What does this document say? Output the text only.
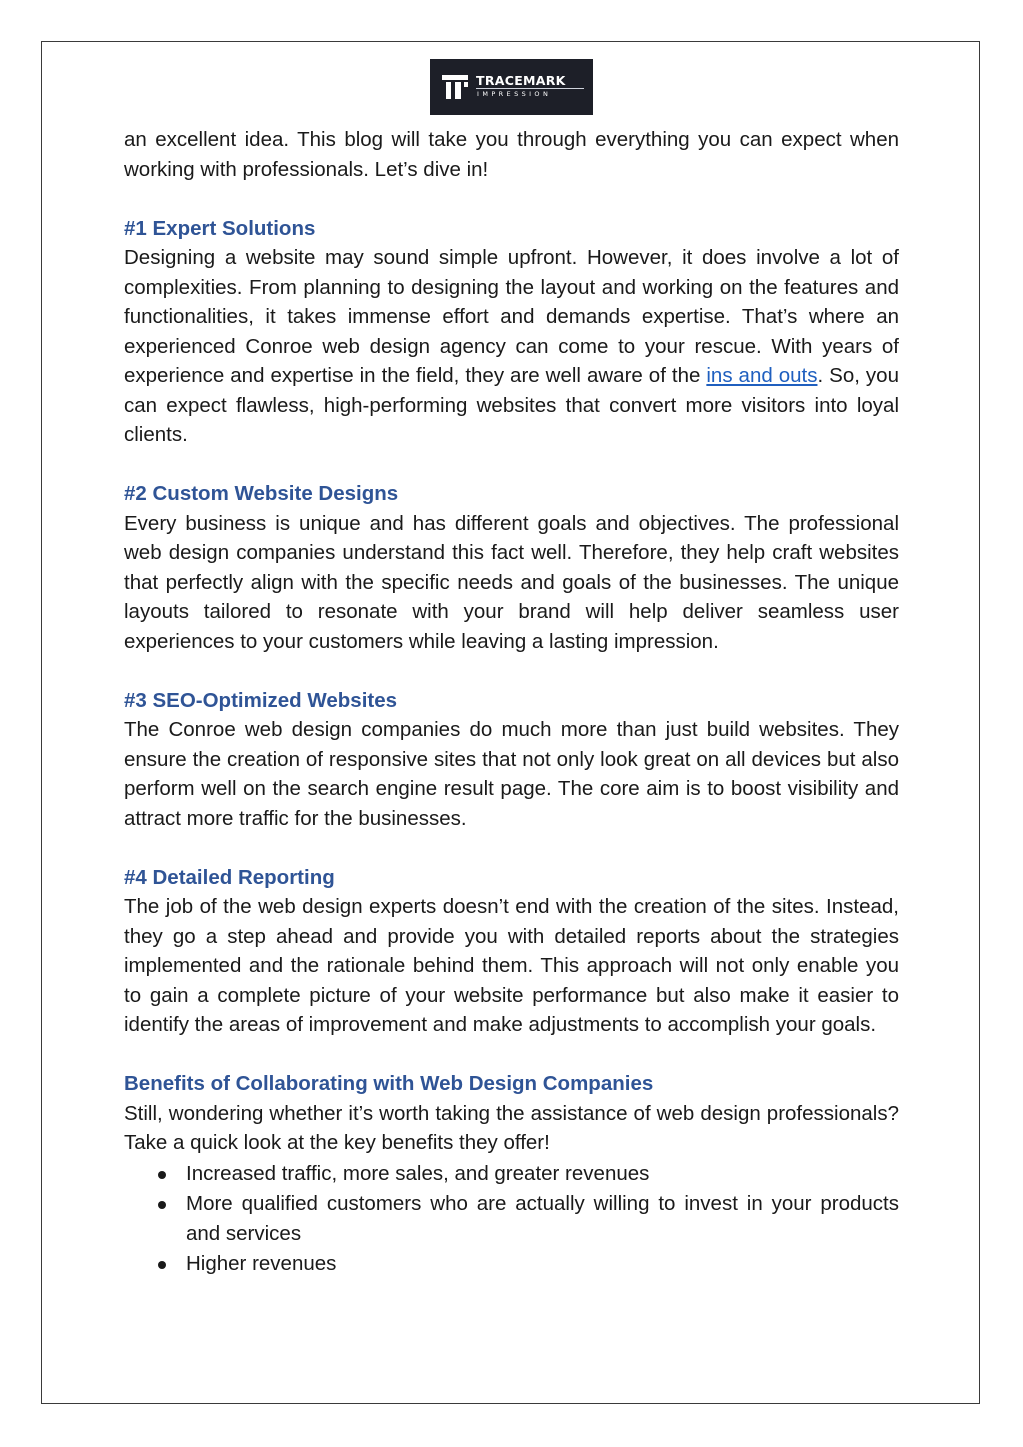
TRACEMARK
IMPRESSION

an excellent idea. This blog will take you through everything you can expect when working with professionals. Let’s dive in!

#1 Expert Solutions

Designing a website may sound simple upfront. However, it does involve a lot of complexities. From planning to designing the layout and working on the features and functionalities, it takes immense effort and demands expertise. That’s where an experienced Conroe web design agency can come to your rescue. With years of experience and expertise in the field, they are well aware of the ins and outs. So, you can expect flawless, high-performing websites that convert more visitors into loyal clients.

#2 Custom Website Designs

Every business is unique and has different goals and objectives. The professional web design companies understand this fact well. Therefore, they help craft websites that perfectly align with the specific needs and goals of the businesses. The unique layouts tailored to resonate with your brand will help deliver seamless user experiences to your customers while leaving a lasting impression.

#3 SEO-Optimized Websites

The Conroe web design companies do much more than just build websites. They ensure the creation of responsive sites that not only look great on all devices but also perform well on the search engine result page. The core aim is to boost visibility and attract more traffic for the businesses.

#4 Detailed Reporting

The job of the web design experts doesn’t end with the creation of the sites. Instead, they go a step ahead and provide you with detailed reports about the strategies implemented and the rationale behind them. This approach will not only enable you to gain a complete picture of your website performance but also make it easier to identify the areas of improvement and make adjustments to accomplish your goals.

Benefits of Collaborating with Web Design Companies

Still, wondering whether it’s worth taking the assistance of web design professionals? Take a quick look at the key benefits they offer!

Increased traffic, more sales, and greater revenues
More qualified customers who are actually willing to invest in your products and services
Higher revenues
